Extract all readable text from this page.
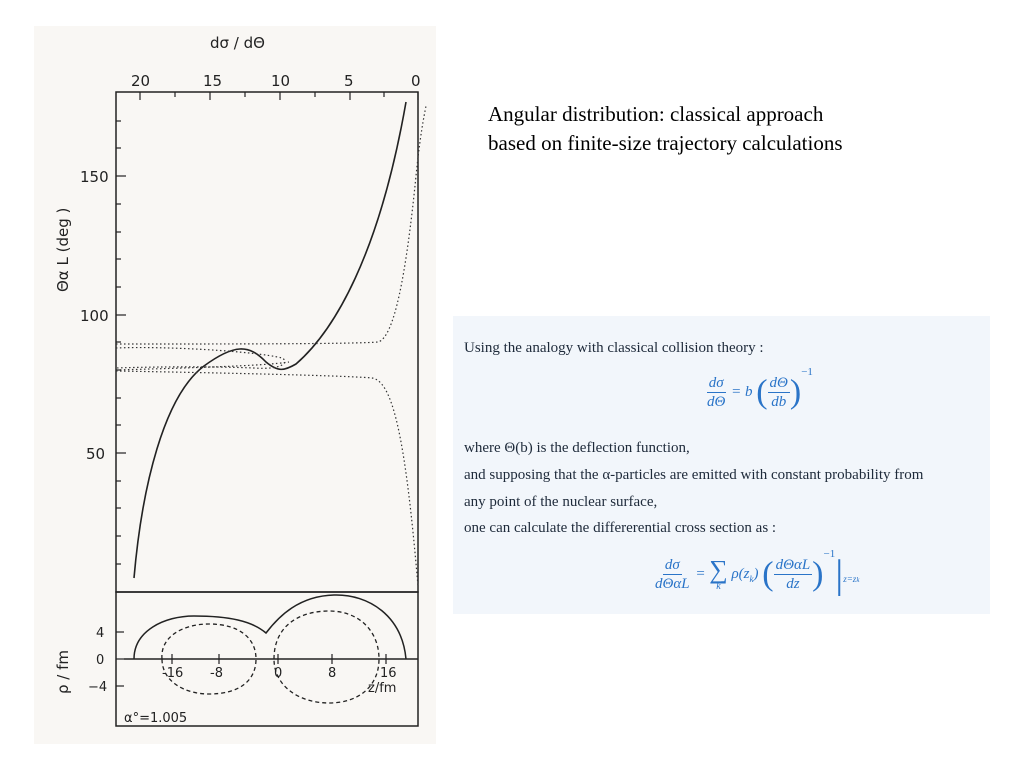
dσ / dΘ
20	15	10	5	0
150
100
50
Θα L (deg )
4
0
−4
ρ / fm	-16 -8	0	8	16
z/fm
α°=1.005
Angular distribution: classical approach
based on finite-size trajectory calculations
Using the analogy with classical collision theory :
$\frac{d\sigma}{d\Theta} = b$ ( $\frac{d\Theta}{db} )^{-1}$
where Θ(b) is the deflection function,
and supposing that the α-particles are emitted with constant probability from
any point of the nuclear surface,
one can calculate the differerential cross section as :
$\frac{d\sigma}{\text{dΘαL}}$ = ∑
k
$\rho(z_k)$ ( $\frac{\text{dΘαL}}{dz} )^{-1}|_{z=zk}$
